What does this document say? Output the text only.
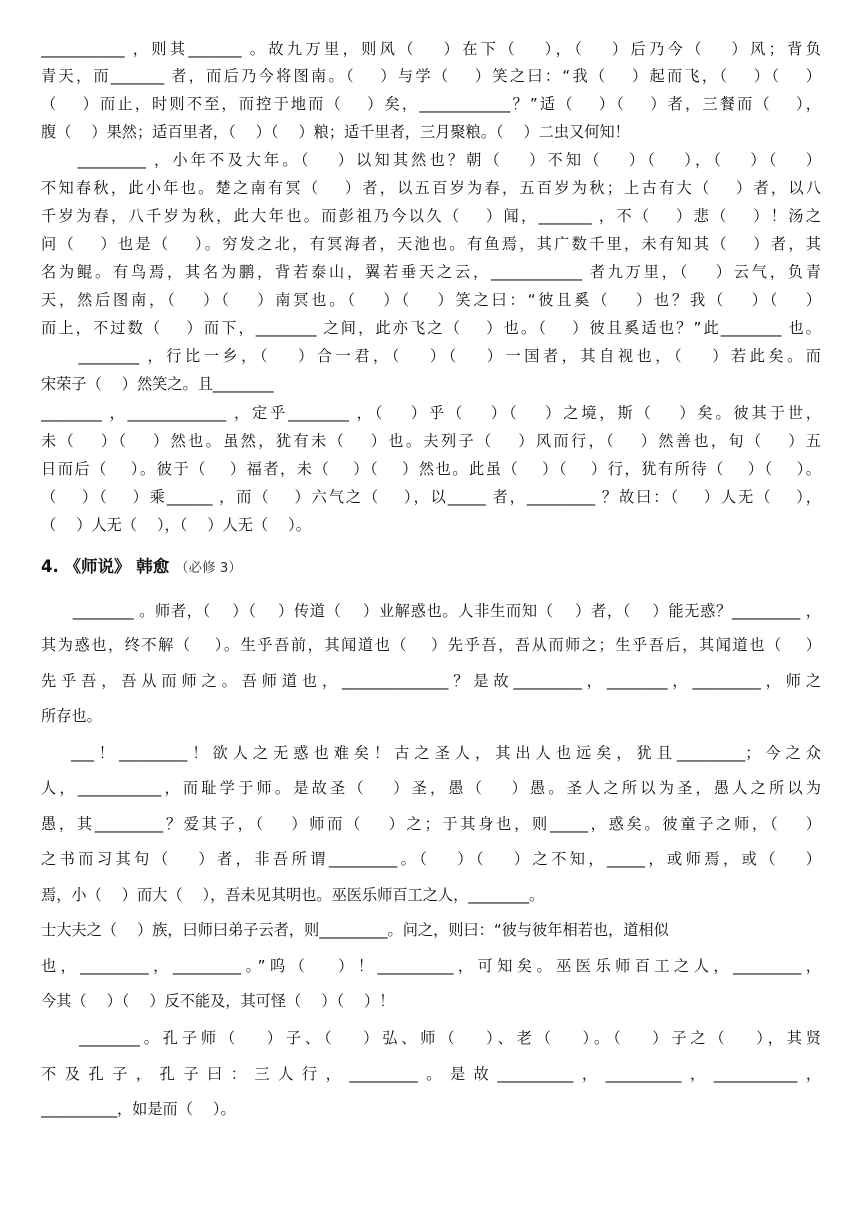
___________ ，则其_______ 。故九万里，则风（　 ）在下（　 ），（　 ）后乃今（　 ）风；背负
青天，而_______ 者，而后乃今将图南。（　 ）与学（　 ）笑之曰：“我（　 ）起而飞，（　 ）（　 ）
（　 ）而止，时则不至，而控于地而（　 ）矣，____________？”适（　 ）（　 ）者，三餐而（　 ），
腹（　 ）果然；适百里者，（　 ）（　 ）粮；适千里者，三月聚粮。（　 ）二虫又何知！
　　_________ ，小年不及大年。（　 ）以知其然也？朝（　 ）不知（　 ）（　 ），（　 ）（　 ）
不知春秋，此小年也。楚之南有冥（　 ）者，以五百岁为春，五百岁为秋；上古有大（　 ）者，以八
千岁为春，八千岁为秋，此大年也。而彭祖乃今以久（　 ）闻，_______ ，不（　 ）悲（　 ）！汤之
问（　 ）也是（　 ）。穷发之北，有冥海者，天池也。有鱼焉，其广数千里，未有知其（　 ）者，其
名为鲲。有鸟焉，其名为鹏，背若泰山，翼若垂天之云，____________ 者九万里，（　 ）云气，负青
天，然后图南，（　 ）（　 ）南冥也。（　 ）（　 ）笑之曰：“彼且奚（　 ）也？我（　 ）（　 ）
而上，不过数（　 ）而下，________ 之间，此亦飞之（　 ）也。（　 ）彼且奚适也？”此________ 也。
　　________ ，行比一乡，（　 ）合一君，（　 ）（　 ）一国者，其自视也，（　 ）若此矣。而
宋荣子（　 ）然笑之。且________
________ ，_____________ ，定乎________ ，（　 ）乎（　 ）（　 ）之境，斯（　 ）矣。彼其于世，
未（　 ）（　 ）然也。虽然，犹有未（　 ）也。夫列子（　 ）风而行，（　 ）然善也，旬（　 ）五
日而后（　 ）。彼于（　 ）福者，未（　 ）（　 ）然也。此虽（　 ）（　 ）行，犹有所待（　 ）（　 ）。
（　 ）（　 ）乘______ ，而（　 ）六气之（　 ），以_____ 者，_________ ？故曰：（　 ）人无（　 ），
（　 ）人无（　 ），（　 ）人无（　 ）。
4. 《师说》 韩愈 （必修 3）
　　________ 。师者，（　 ）（　 ）传道（　 ）业解惑也。人非生而知（　 ）者，（　 ）能无惑？_________ ，
其为惑也，终不解（　 ）。生乎吾前，其闻道也（　 ）先乎吾，吾从而师之；生乎吾后，其闻道也（　 ）
先乎吾，吾从而师之。吾师道也，______________？是故_________，________，_________，师之
所存也。
　 ___！_________！欲人之无惑也难矣！古之圣人，其出人也远矣，犹且_________；今之众
人，___________，而耻学于师。是故圣（　 ）圣，愚（　 ）愚。圣人之所以为圣，愚人之所以为
愚，其_________？爱其子，（　 ）师而（　 ）之；于其身也，则_____，惑矣。彼童子之师，（　 ）
之书而习其句（　 ）者，非吾所谓_________。（　 ）（　 ）之不知，_____，或师焉，或（　 ）
焉，小（　 ）而大（　 ），吾未见其明也。巫医乐师百工之人，________。
士大夫之（　 ）族，曰师曰弟子云者，则_________。问之，则曰：“彼与彼年相若也，道相似
也，_________，_________。”呜（　 ）！__________，可知矣。巫医乐师百工之人，_________，
今其（　 ）（　 ）反不能及，其可怪（　 ）（　 ）！
　　________。孔子师（　 ）子、（　 ）弘、师（　 ）、老（　 ）。（　 ）子之（　 ），其贤
不及孔子，孔子曰：三人行，_________。是故__________，__________，___________，
__________，如是而（　 ）。
